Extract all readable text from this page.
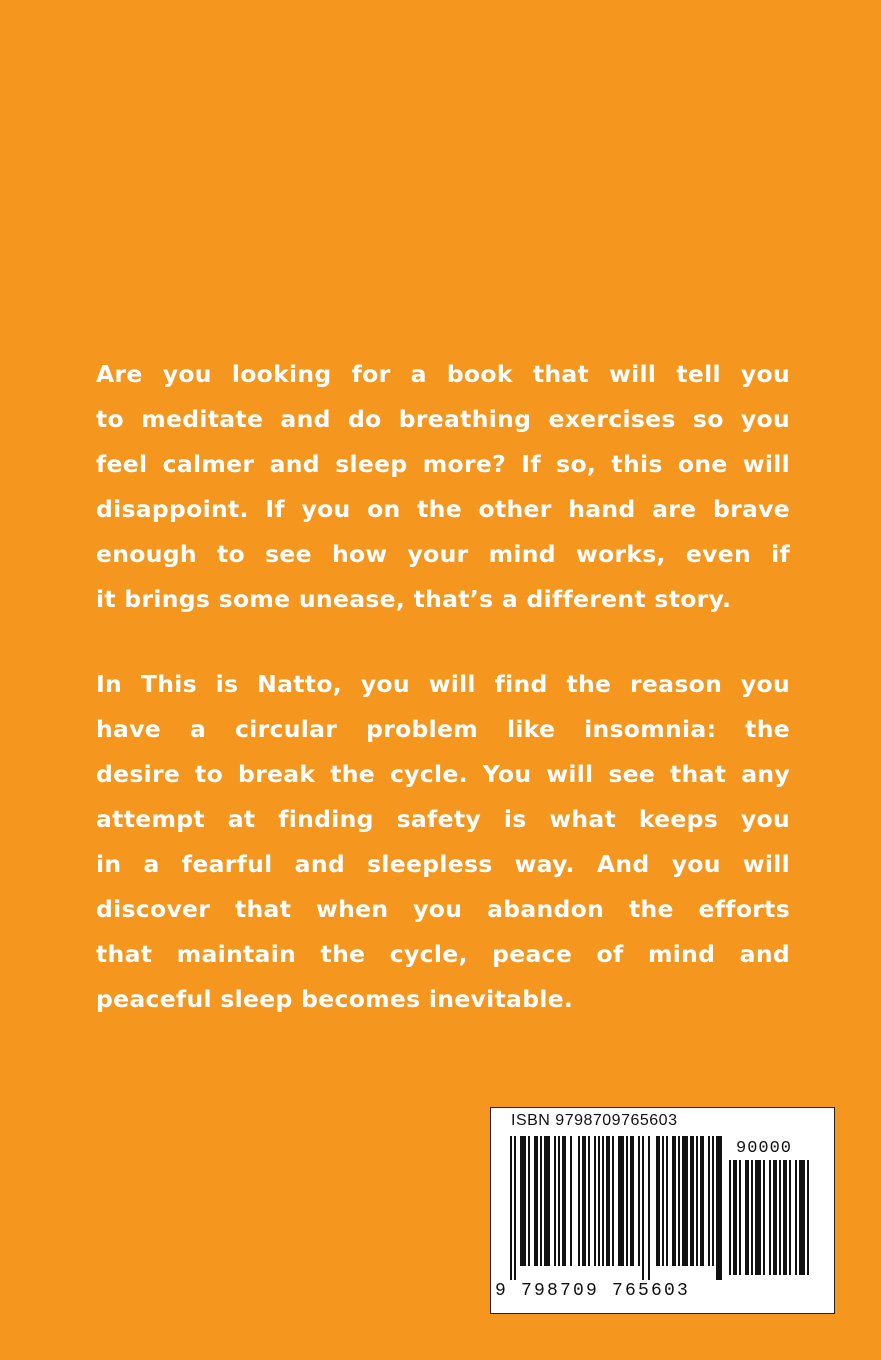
Are you looking for a book that will tell you
to meditate and do breathing exercises so you
feel calmer and sleep more? If so, this one will
disappoint. If you on the other hand are brave
enough to see how your mind works, even if
it brings some unease, that’s a different story.
In This is Natto, you will find the reason you
have a circular problem like insomnia: the
desire to break the cycle. You will see that any
attempt at finding safety is what keeps you
in a fearful and sleepless way. And you will
discover that when you abandon the efforts
that maintain the cycle, peace of mind and
peaceful sleep becomes inevitable.
ISBN 9798709765603
90000
9 798709 765603
